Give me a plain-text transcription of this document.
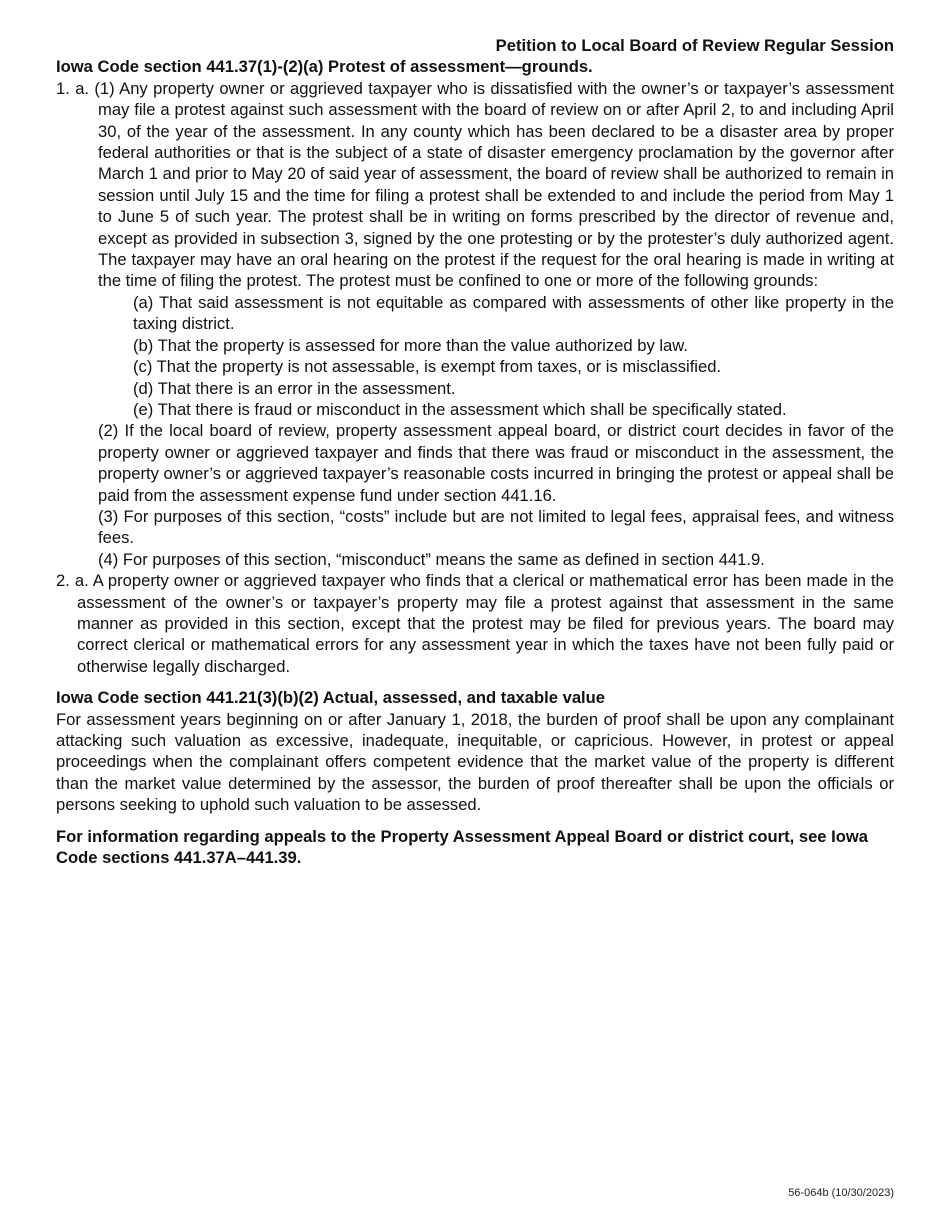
Petition to Local Board of Review Regular Session
Iowa Code section 441.37(1)-(2)(a) Protest of assessment—grounds.

1. a. (1) Any property owner or aggrieved taxpayer who is dissatisfied with the owner’s or taxpayer’s assessment may file a protest against such assessment with the board of review on or after April 2, to and including April 30, of the year of the assessment. In any county which has been declared to be a disaster area by proper federal authorities or that is the subject of a state of disaster emergency proclamation by the governor after March 1 and prior to May 20 of said year of assessment, the board of review shall be authorized to remain in session until July 15 and the time for filing a protest shall be extended to and include the period from May 1 to June 5 of such year. The protest shall be in writing on forms prescribed by the director of revenue and, except as provided in subsection 3, signed by the one protesting or by the protester’s duly authorized agent. The taxpayer may have an oral hearing on the protest if the request for the oral hearing is made in writing at the time of filing the protest. The protest must be confined to one or more of the following grounds:

(a) That said assessment is not equitable as compared with assessments of other like property in the taxing district.

(b) That the property is assessed for more than the value authorized by law.

(c) That the property is not assessable, is exempt from taxes, or is misclassified.

(d) That there is an error in the assessment.

(e) That there is fraud or misconduct in the assessment which shall be specifically stated.

(2) If the local board of review, property assessment appeal board, or district court decides in favor of the property owner or aggrieved taxpayer and finds that there was fraud or misconduct in the assessment, the property owner’s or aggrieved taxpayer’s reasonable costs incurred in bringing the protest or appeal shall be paid from the assessment expense fund under section 441.16.

(3) For purposes of this section, “costs” include but are not limited to legal fees, appraisal fees, and witness fees.

(4) For purposes of this section, “misconduct” means the same as defined in section 441.9.

2. a. A property owner or aggrieved taxpayer who finds that a clerical or mathematical error has been made in the assessment of the owner’s or taxpayer’s property may file a protest against that assessment in the same manner as provided in this section, except that the protest may be filed for previous years. The board may correct clerical or mathematical errors for any assessment year in which the taxes have not been fully paid or otherwise legally discharged.

Iowa Code section 441.21(3)(b)(2) Actual, assessed, and taxable value

For assessment years beginning on or after January 1, 2018, the burden of proof shall be upon any complainant attacking such valuation as excessive, inadequate, inequitable, or capricious. However, in protest or appeal proceedings when the complainant offers competent evidence that the market value of the property is different than the market value determined by the assessor, the burden of proof thereafter shall be upon the officials or persons seeking to uphold such valuation to be assessed.

For information regarding appeals to the Property Assessment Appeal Board or district court, see Iowa Code sections 441.37A–441.39.

56-064b (10/30/2023)
